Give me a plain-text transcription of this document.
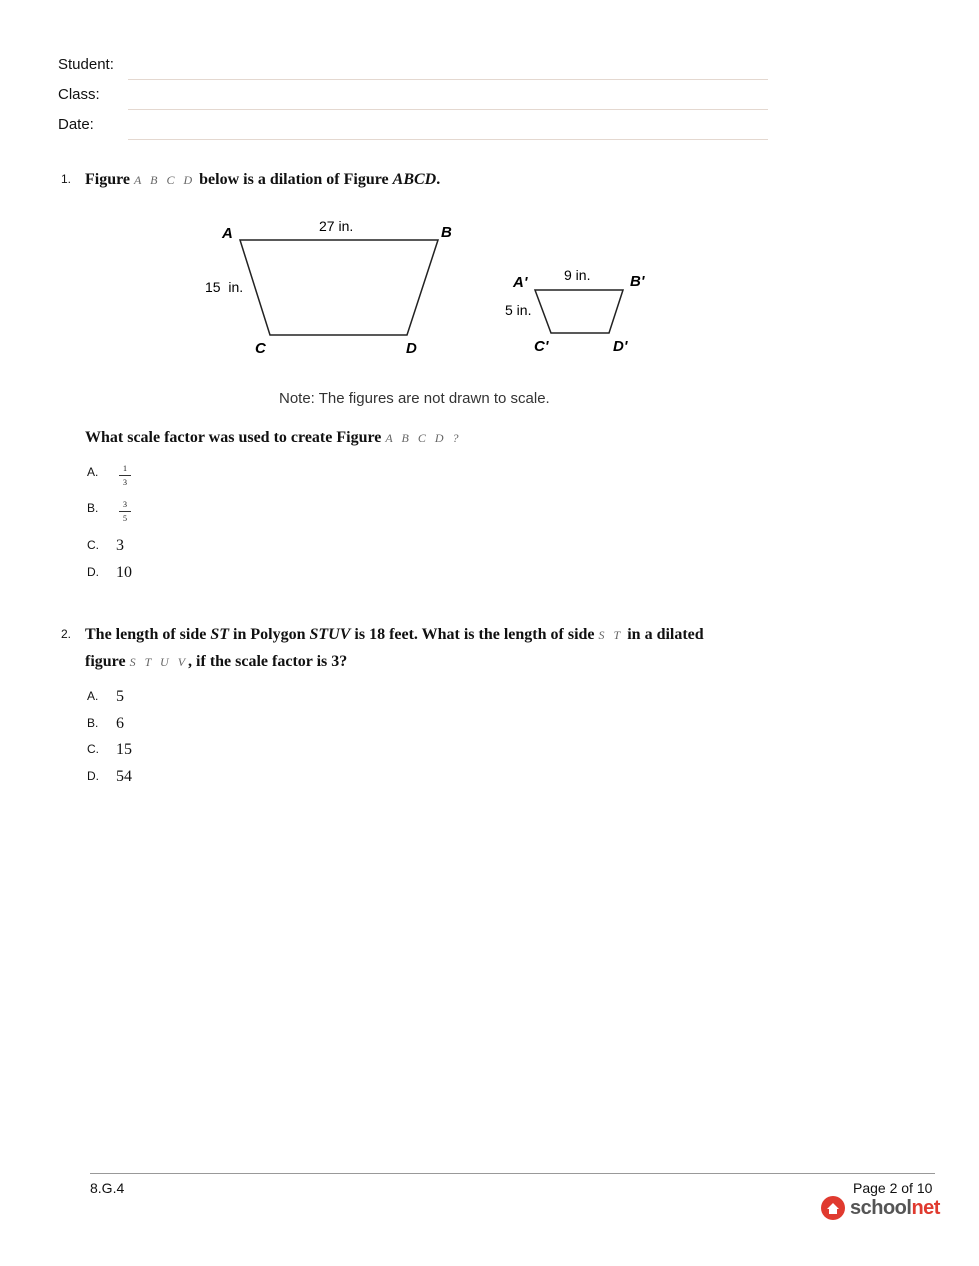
Student:
Class:
Date:
1. Figure A B C D below is a dilation of Figure ABCD.
A	B
C	D
27 in.
15  in.	A'	B'
C'	D'
9 in.
5 in.
Note: The figures are not drawn to scale.
What scale factor was used to create Figure A B C D ?
A.	1
3
B.	3
5
C. 3
D. 10
2. The length of side ST in Polygon STUV is 18 feet. What is the length of side S T in a dilated
figure S T U V, if the scale factor is 3?
A. 5
B. 6
C. 15
D. 54
8.G.4	Page 2 of 10
schoolnet
